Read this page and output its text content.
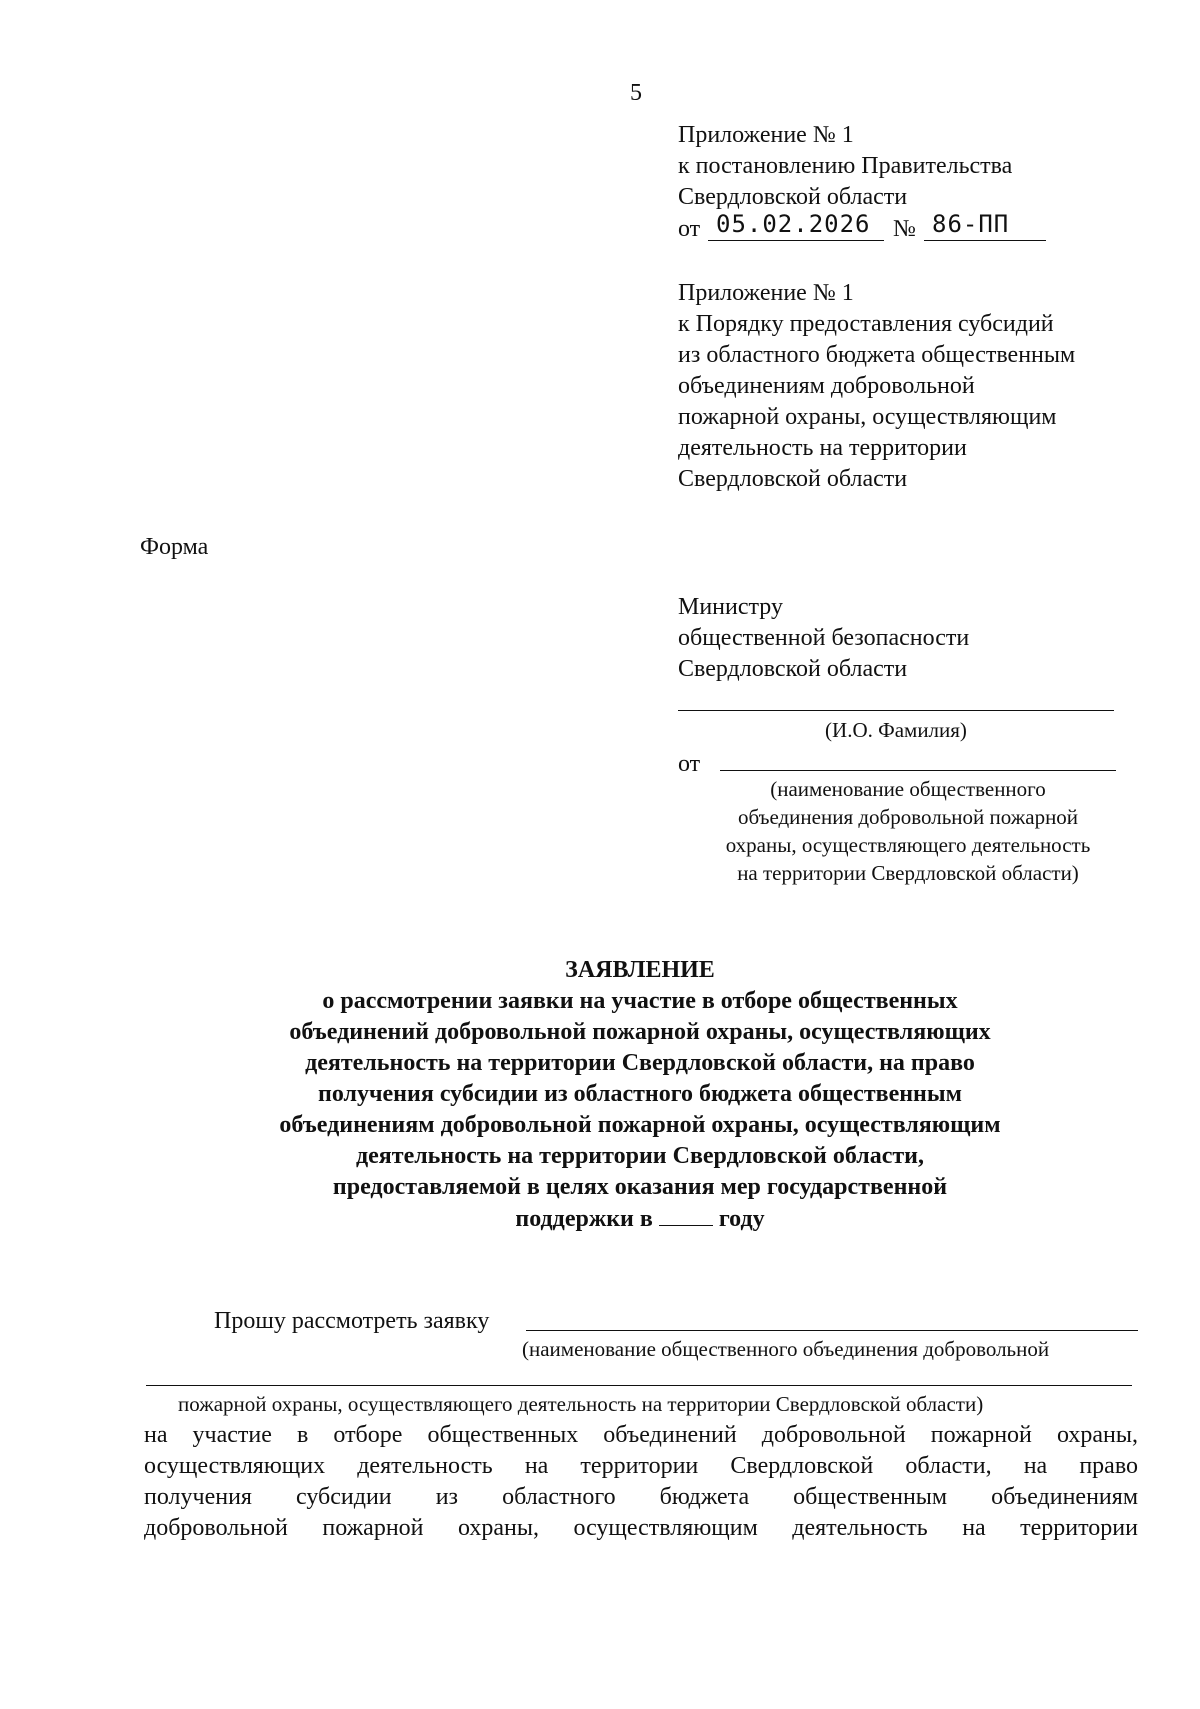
5
Приложение № 1
к постановлению Правительства
Свердловской области
от 05.02.2026 № 86-ПП
Приложение № 1
к Порядку предоставления субсидий
из областного бюджета общественным
объединениям добровольной
пожарной охраны, осуществляющим
деятельность на территории
Свердловской области
Форма
Министру
общественной безопасности
Свердловской области
(И.О. Фамилия)
от
(наименование общественного
объединения добровольной пожарной
охраны, осуществляющего деятельность
на территории Свердловской области)
ЗАЯВЛЕНИЕ
о рассмотрении заявки на участие в отборе общественных
объединений добровольной пожарной охраны, осуществляющих
деятельность на территории Свердловской области, на право
получения субсидии из областного бюджета общественным
объединениям добровольной пожарной охраны, осуществляющим
деятельность на территории Свердловской области,
предоставляемой в целях оказания мер государственной
поддержки в	году
Прошу рассмотреть заявку
(наименование общественного объединения добровольной
пожарной охраны, осуществляющего деятельность на территории Свердловской области)
на участие в отборе общественных объединений добровольной пожарной охраны,
осуществляющих деятельность на территории Свердловской области, на право
получения субсидии из областного бюджета общественным объединениям
добровольной пожарной охраны, осуществляющим деятельность на территории
